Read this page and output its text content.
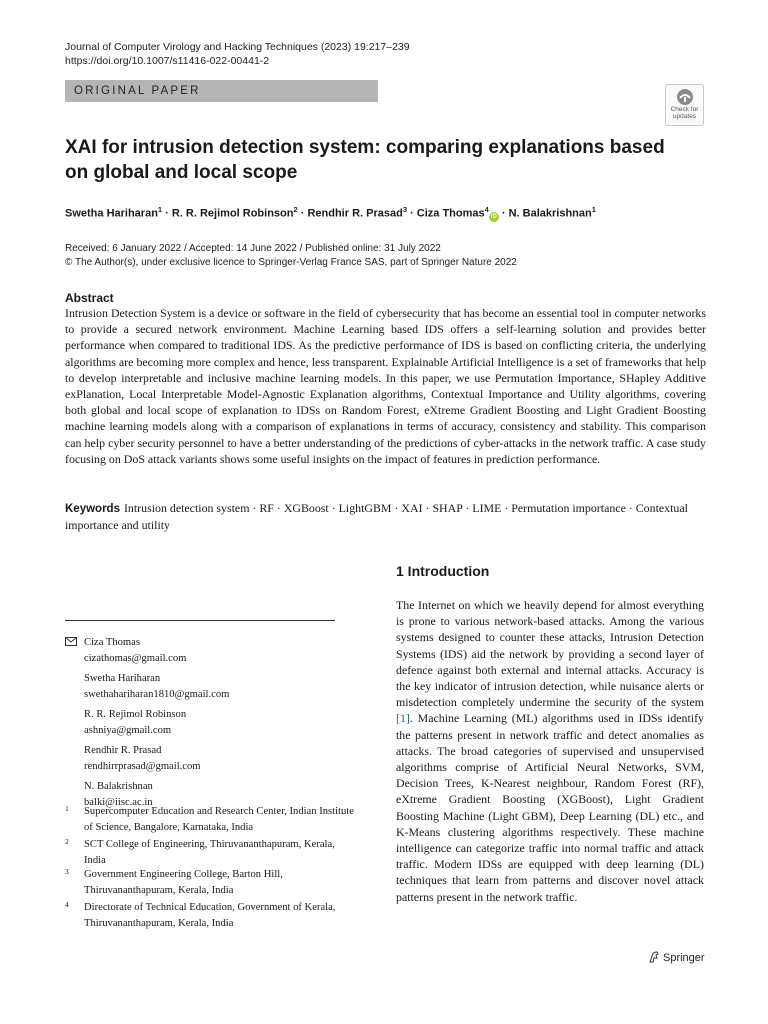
Journal of Computer Virology and Hacking Techniques (2023) 19:217–239
https://doi.org/10.1007/s11416-022-00441-2
ORIGINAL PAPER
Check for
updates
XAI for intrusion detection system: comparing explanations based on global and local scope
Swetha Hariharan$^1$ · R. R. Rejimol Robinson$^2$ · Rendhir R. Prasad$^3$ · Ciza Thomas$^4$iD · N. Balakrishnan$^1$
Received: 6 January 2022 / Accepted: 14 June 2022 / Published online: 31 July 2022
© The Author(s), under exclusive licence to Springer-Verlag France SAS, part of Springer Nature 2022
Abstract
Intrusion Detection System is a device or software in the field of cybersecurity that has become an essential tool in computer networks to provide a secured network environment. Machine Learning based IDS offers a self-learning solution and provides better performance when compared to traditional IDS. As the predictive performance of IDS is based on conflicting criteria, the underlying algorithms are becoming more complex and hence, less transparent. Explainable Artificial Intelligence is a set of frameworks that help to develop interpretable and inclusive machine learning models. In this paper, we use Permutation Importance, SHapley Additive exPlanation, Local Interpretable Model-Agnostic Explanation algorithms, Contextual Importance and Utility algorithms, covering both global and local scope of explanation to IDSs on Random Forest, eXtreme Gradient Boosting and Light Gradient Boosting machine learning models along with a comparison of explanations in terms of accuracy, consistency and stability. This comparison can help cyber security personnel to have a better understanding of the predictions of cyber-attacks in the network traffic. A case study focusing on DoS attack variants shows some useful insights on the impact of features in prediction performance.
Keywords Intrusion detection system · RF · XGBoost · LightGBM · XAI · SHAP · LIME · Permutation importance · Contextual importance and utility
1 Introduction
The Internet on which we heavily depend for almost everything is prone to various network-based attacks. Among the various systems designed to counter these attacks, Intrusion Detection Systems (IDS) aid the network by providing a second layer of defence against both external and internal attacks. Accuracy is the key indicator of intrusion detection, while nuisance alerts or misdetection completely undermine the security of the system [1]. Machine Learning (ML) algorithms used in IDSs identify the patterns present in network traffic and detect anomalies as attacks. The broad categories of supervised and unsupervised algorithms comprise of Artificial Neural Networks, SVM, Decision Trees, K-Nearest neighbour, Random Forest (RF), eXtreme Gradient Boosting (XGBoost), Light Gradient Boosting Machine (Light GBM), Deep Learning (DL) etc., and K-Means clustering algorithms respectively. These machine intelligence can categorize traffic into normal traffic and attack traffic. Modern IDSs are equipped with deep learning (DL) techniques that learn from patterns and discover novel attack patterns present in the network traffic.
Ciza Thomas
cizathomas@gmail.com
Swetha Hariharan
swethahariharan1810@gmail.com
R. R. Rejimol Robinson
ashniya@gmail.com
Rendhir R. Prasad
rendhirrprasad@gmail.com
N. Balakrishnan
balki@iisc.ac.in
1 Supercomputer Education and Research Center, Indian Institute of Science, Bangalore, Karnataka, India
2 SCT College of Engineering, Thiruvananthapuram, Kerala, India
3 Government Engineering College, Barton Hill, Thiruvananthapuram, Kerala, India
4 Directorate of Technical Education, Government of Kerala, Thiruvananthapuram, Kerala, India
Springer
